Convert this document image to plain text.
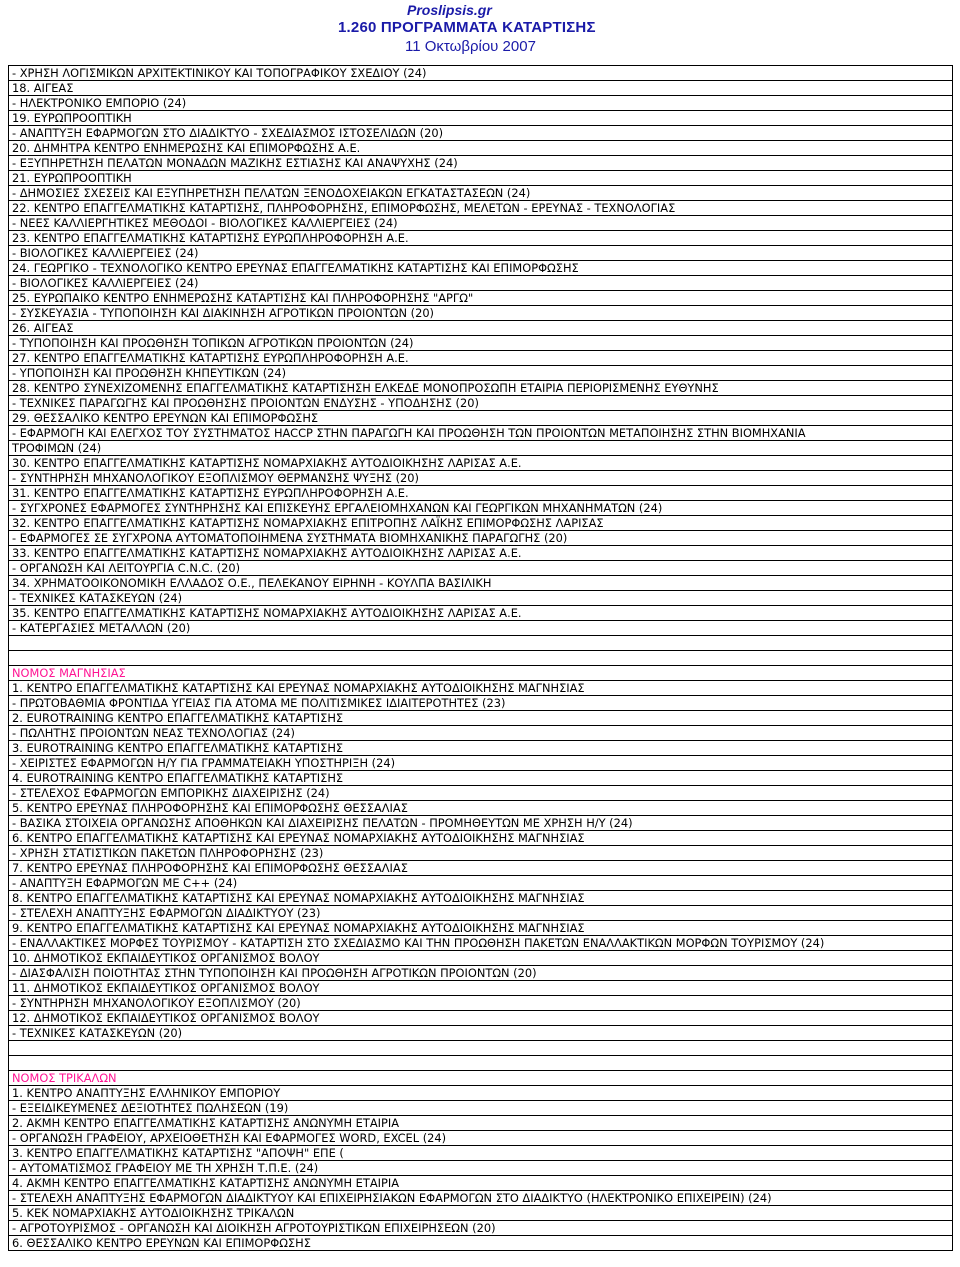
Proslipsis.gr
1.260 ΠΡΟΓΡΑΜΜΑΤΑ ΚΑΤΑΡΤΙΣΗΣ
11 Οκτωβρίου 2007
- ΧΡΗΣΗ ΛΟΓΙΣΜΙΚΩΝ ΑΡΧΙΤΕΚΤΙΝΙΚΟΥ ΚΑΙ ΤΟΠΟΓΡΑΦΙΚΟΥ ΣΧΕΔΙΟΥ (24)
18. ΑΙΓΕΑΣ
- ΗΛΕΚΤΡΟΝΙΚΟ ΕΜΠΟΡΙΟ (24)
19. ΕΥΡΩΠΡΟΟΠΤΙΚΗ
- ΑΝΑΠΤΥΞΗ ΕΦΑΡΜΟΓΩΝ ΣΤΟ ΔΙΑΔΙΚΤΥΟ - ΣΧΕΔΙΑΣΜΟΣ ΙΣΤΟΣΕΛΙΔΩΝ (20)
20. ΔΗΜΗΤΡΑ ΚΕΝΤΡΟ ΕΝΗΜΕΡΩΣΗΣ ΚΑΙ ΕΠΙΜΟΡΦΩΣΗΣ Α.Ε.
- ΕΞΥΠΗΡΕΤΗΣΗ ΠΕΛΑΤΩΝ ΜΟΝΑΔΩΝ ΜΑΖΙΚΗΣ ΕΣΤΙΑΣΗΣ ΚΑΙ ΑΝΑΨΥΧΗΣ (24)
21. ΕΥΡΩΠΡΟΟΠΤΙΚΗ
- ΔΗΜΟΣΙΕΣ ΣΧΕΣΕΙΣ ΚΑΙ ΕΞΥΠΗΡΕΤΗΣΗ ΠΕΛΑΤΩΝ ΞΕΝΟΔΟΧΕΙΑΚΩΝ ΕΓΚΑΤΑΣΤΑΣΕΩΝ (24)
22. ΚΕΝΤΡΟ ΕΠΑΓΓΕΛΜΑΤΙΚΗΣ ΚΑΤΑΡΤΙΣΗΣ, ΠΛΗΡΟΦΟΡΗΣΗΣ, ΕΠΙΜΟΡΦΩΣΗΣ, ΜΕΛΕΤΩΝ - ΕΡΕΥΝΑΣ - ΤΕΧΝΟΛΟΓΙΑΣ
- ΝΕΕΣ ΚΑΛΛΙΕΡΓΗΤΙΚΕΣ ΜΕΘΟΔΟΙ - ΒΙΟΛΟΓΙΚΕΣ ΚΑΛΛΙΕΡΓΕΙΕΣ (24)
23. ΚΕΝΤΡΟ ΕΠΑΓΓΕΛΜΑΤΙΚΗΣ ΚΑΤΑΡΤΙΣΗΣ ΕΥΡΩΠΛΗΡΟΦΟΡΗΣΗ Α.Ε.
- ΒΙΟΛΟΓΙΚΕΣ ΚΑΛΛΙΕΡΓΕΙΕΣ (24)
24. ΓΕΩΡΓΙΚΟ - ΤΕΧΝΟΛΟΓΙΚΟ ΚΕΝΤΡΟ ΕΡΕΥΝΑΣ ΕΠΑΓΓΕΛΜΑΤΙΚΗΣ ΚΑΤΑΡΤΙΣΗΣ ΚΑΙ ΕΠΙΜΟΡΦΩΣΗΣ
- ΒΙΟΛΟΓΙΚΕΣ ΚΑΛΛΙΕΡΓΕΙΕΣ (24)
25. ΕΥΡΩΠΑΙΚΟ ΚΕΝΤΡΟ ΕΝΗΜΕΡΩΣΗΣ ΚΑΤΑΡΤΙΣΗΣ ΚΑΙ ΠΛΗΡΟΦΟΡΗΣΗΣ "ΑΡΓΩ"
- ΣΥΣΚΕΥΑΣΙΑ - ΤΥΠΟΠΟΙΗΣΗ ΚΑΙ ΔΙΑΚΙΝΗΣΗ ΑΓΡΟΤΙΚΩΝ ΠΡΟΙΟΝΤΩΝ (20)
26. ΑΙΓΕΑΣ
- ΤΥΠΟΠΟΙΗΣΗ ΚΑΙ ΠΡΟΩΘΗΣΗ ΤΟΠΙΚΩΝ ΑΓΡΟΤΙΚΩΝ ΠΡΟΙΟΝΤΩΝ (24)
27. ΚΕΝΤΡΟ ΕΠΑΓΓΕΛΜΑΤΙΚΗΣ ΚΑΤΑΡΤΙΣΗΣ ΕΥΡΩΠΛΗΡΟΦΟΡΗΣΗ Α.Ε.
- ΥΠΟΠΟΙΗΣΗ ΚΑΙ ΠΡΟΩΘΗΣΗ ΚΗΠΕΥΤΙΚΩΝ (24)
28. ΚΕΝΤΡΟ ΣΥΝΕΧΙΖΟΜΕΝΗΣ ΕΠΑΓΓΕΛΜΑΤΙΚΗΣ ΚΑΤΑΡΤΙΣΗΣΗ ΕΛΚΕΔΕ ΜΟΝΟΠΡΟΣΩΠΗ ΕΤΑΙΡΙΑ ΠΕΡΙΟΡΙΣΜΕΝΗΣ ΕΥΘΥΝΗΣ
- ΤΕΧΝΙΚΕΣ ΠΑΡΑΓΩΓΗΣ ΚΑΙ ΠΡΟΩΘΗΣΗΣ ΠΡΟΙΟΝΤΩΝ ΕΝΔΥΣΗΣ - ΥΠΟΔΗΣΗΣ (20)
29. ΘΕΣΣΑΛΙΚΟ ΚΕΝΤΡΟ ΕΡΕΥΝΩΝ ΚΑΙ ΕΠΙΜΟΡΦΩΣΗΣ
- ΕΦΑΡΜΟΓΗ ΚΑΙ ΕΛΕΓΧΟΣ ΤΟΥ ΣΥΣΤΗΜΑΤΟΣ HACCP ΣΤΗΝ ΠΑΡΑΓΩΓΗ ΚΑΙ ΠΡΟΩΘΗΣΗ ΤΩΝ ΠΡΟΙΟΝΤΩΝ ΜΕΤΑΠΟΙΗΣΗΣ ΣΤΗΝ ΒΙΟΜΗΧΑΝΙΑ
ΤΡΟΦΙΜΩΝ (24)
30. ΚΕΝΤΡΟ ΕΠΑΓΓΕΛΜΑΤΙΚΗΣ ΚΑΤΑΡΤΙΣΗΣ ΝΟΜΑΡΧΙΑΚΗΣ ΑΥΤΟΔΙΟΙΚΗΣΗΣ ΛΑΡΙΣΑΣ Α.Ε.
- ΣΥΝΤΗΡΗΣΗ ΜΗΧΑΝΟΛΟΓΙΚΟΥ ΕΞΟΠΛΙΣΜΟΥ ΘΕΡΜΑΝΣΗΣ ΨΥΞΗΣ (20)
31. ΚΕΝΤΡΟ ΕΠΑΓΓΕΛΜΑΤΙΚΗΣ ΚΑΤΑΡΤΙΣΗΣ ΕΥΡΩΠΛΗΡΟΦΟΡΗΣΗ Α.Ε.
- ΣΥΓΧΡΟΝΕΣ ΕΦΑΡΜΟΓΕΣ ΣΥΝΤΗΡΗΣΗΣ ΚΑΙ ΕΠΙΣΚΕΥΗΣ ΕΡΓΑΛΕΙΟΜΗΧΑΝΩΝ ΚΑΙ ΓΕΩΡΓΙΚΩΝ ΜΗΧΑΝΗΜΑΤΩΝ (24)
32. ΚΕΝΤΡΟ ΕΠΑΓΓΕΛΜΑΤΙΚΗΣ ΚΑΤΑΡΤΙΣΗΣ ΝΟΜΑΡΧΙΑΚΗΣ ΕΠΙΤΡΟΠΗΣ ΛΑΪΚΗΣ ΕΠΙΜΟΡΦΩΣΗΣ ΛΑΡΙΣΑΣ
- ΕΦΑΡΜΟΓΕΣ ΣΕ ΣΥΓΧΡΟΝΑ ΑΥΤΟΜΑΤΟΠΟΙΗΜΕΝΑ ΣΥΣΤΗΜΑΤΑ ΒΙΟΜΗΧΑΝΙΚΗΣ ΠΑΡΑΓΩΓΗΣ (20)
33. ΚΕΝΤΡΟ ΕΠΑΓΓΕΛΜΑΤΙΚΗΣ ΚΑΤΑΡΤΙΣΗΣ ΝΟΜΑΡΧΙΑΚΗΣ ΑΥΤΟΔΙΟΙΚΗΣΗΣ ΛΑΡΙΣΑΣ Α.Ε.
- ΟΡΓΑΝΩΣΗ ΚΑΙ ΛΕΙΤΟΥΡΓΙΑ C.N.C. (20)
34. ΧΡΗΜΑΤΟΟΙΚΟΝΟΜΙΚΗ ΕΛΛΑΔΟΣ Ο.Ε., ΠΕΛΕΚΑΝΟΥ ΕΙΡΗΝΗ - ΚΟΥΛΠΑ ΒΑΣΙΛΙΚΗ
- ΤΕΧΝΙΚΕΣ ΚΑΤΑΣΚΕΥΩΝ (24)
35. ΚΕΝΤΡΟ ΕΠΑΓΓΕΛΜΑΤΙΚΗΣ ΚΑΤΑΡΤΙΣΗΣ ΝΟΜΑΡΧΙΑΚΗΣ ΑΥΤΟΔΙΟΙΚΗΣΗΣ ΛΑΡΙΣΑΣ Α.Ε.
- ΚΑΤΕΡΓΑΣΙΕΣ ΜΕΤΑΛΛΩΝ (20)
ΝΟΜΟΣ ΜΑΓΝΗΣΙΑΣ
1. ΚΕΝΤΡΟ ΕΠΑΓΓΕΛΜΑΤΙΚΗΣ ΚΑΤΑΡΤΙΣΗΣ ΚΑΙ ΕΡΕΥΝΑΣ ΝΟΜΑΡΧΙΑΚΗΣ ΑΥΤΟΔΙΟΙΚΗΣΗΣ ΜΑΓΝΗΣΙΑΣ
- ΠΡΩΤΟΒΑΘΜΙΑ ΦΡΟΝΤΙΔΑ ΥΓΕΙΑΣ ΓΙΑ ΑΤΟΜΑ ΜΕ ΠΟΛΙΤΙΣΜΙΚΕΣ ΙΔΙΑΙΤΕΡΟΤΗΤΕΣ (23)
2. EUROTRAINING ΚΕΝΤΡΟ ΕΠΑΓΓΕΛΜΑΤΙΚΗΣ ΚΑΤΑΡΤΙΣΗΣ
- ΠΩΛΗΤΗΣ ΠΡΟΙΟΝΤΩΝ ΝΕΑΣ ΤΕΧΝΟΛΟΓΙΑΣ (24)
3. EUROTRAINING ΚΕΝΤΡΟ ΕΠΑΓΓΕΛΜΑΤΙΚΗΣ ΚΑΤΑΡΤΙΣΗΣ
- ΧΕΙΡΙΣΤΕΣ ΕΦΑΡΜΟΓΩΝ Η/Υ ΓΙΑ ΓΡΑΜΜΑΤΕΙΑΚΗ ΥΠΟΣΤΗΡΙΞΗ (24)
4. EUROTRAINING ΚΕΝΤΡΟ ΕΠΑΓΓΕΛΜΑΤΙΚΗΣ ΚΑΤΑΡΤΙΣΗΣ
- ΣΤΕΛΕΧΟΣ ΕΦΑΡΜΟΓΩΝ ΕΜΠΟΡΙΚΗΣ ΔΙΑΧΕΙΡΙΣΗΣ (24)
5. ΚΕΝΤΡΟ ΕΡΕΥΝΑΣ ΠΛΗΡΟΦΟΡΗΣΗΣ ΚΑΙ ΕΠΙΜΟΡΦΩΣΗΣ ΘΕΣΣΑΛΙΑΣ
- ΒΑΣΙΚΑ ΣΤΟΙΧΕΙΑ ΟΡΓΑΝΩΣΗΣ ΑΠΟΘΗΚΩΝ ΚΑΙ ΔΙΑΧΕΙΡΙΣΗΣ ΠΕΛΑΤΩΝ - ΠΡΟΜΗΘΕΥΤΩΝ ΜΕ ΧΡΗΣΗ Η/Υ (24)
6. ΚΕΝΤΡΟ ΕΠΑΓΓΕΛΜΑΤΙΚΗΣ ΚΑΤΑΡΤΙΣΗΣ ΚΑΙ ΕΡΕΥΝΑΣ ΝΟΜΑΡΧΙΑΚΗΣ ΑΥΤΟΔΙΟΙΚΗΣΗΣ ΜΑΓΝΗΣΙΑΣ
- ΧΡΗΣΗ ΣΤΑΤΙΣΤΙΚΩΝ ΠΑΚΕΤΩΝ ΠΛΗΡΟΦΟΡΗΣΗΣ (23)
7. ΚΕΝΤΡΟ ΕΡΕΥΝΑΣ ΠΛΗΡΟΦΟΡΗΣΗΣ ΚΑΙ ΕΠΙΜΟΡΦΩΣΗΣ ΘΕΣΣΑΛΙΑΣ
- ΑΝΑΠΤΥΞΗ ΕΦΑΡΜΟΓΩΝ ΜΕ C++ (24)
8. ΚΕΝΤΡΟ ΕΠΑΓΓΕΛΜΑΤΙΚΗΣ ΚΑΤΑΡΤΙΣΗΣ ΚΑΙ ΕΡΕΥΝΑΣ ΝΟΜΑΡΧΙΑΚΗΣ ΑΥΤΟΔΙΟΙΚΗΣΗΣ ΜΑΓΝΗΣΙΑΣ
- ΣΤΕΛΕΧΗ ΑΝΑΠΤΥΞΗΣ ΕΦΑΡΜΟΓΩΝ ΔΙΑΔΙΚΤΥΟΥ (23)
9. ΚΕΝΤΡΟ ΕΠΑΓΓΕΛΜΑΤΙΚΗΣ ΚΑΤΑΡΤΙΣΗΣ ΚΑΙ ΕΡΕΥΝΑΣ ΝΟΜΑΡΧΙΑΚΗΣ ΑΥΤΟΔΙΟΙΚΗΣΗΣ ΜΑΓΝΗΣΙΑΣ
- ΕΝΑΛΛΑΚΤΙΚΕΣ ΜΟΡΦΕΣ ΤΟΥΡΙΣΜΟΥ - ΚΑΤΑΡΤΙΣΗ ΣΤΟ ΣΧΕΔΙΑΣΜΟ ΚΑΙ ΤΗΝ ΠΡΟΩΘΗΣΗ ΠΑΚΕΤΩΝ ΕΝΑΛΛΑΚΤΙΚΩΝ ΜΟΡΦΩΝ ΤΟΥΡΙΣΜΟΥ (24)
10. ΔΗΜΟΤΙΚΟΣ ΕΚΠΑΙΔΕΥΤΙΚΟΣ ΟΡΓΑΝΙΣΜΟΣ ΒΟΛΟΥ
- ΔΙΑΣΦΑΛΙΣΗ ΠΟΙΟΤΗΤΑΣ ΣΤΗΝ ΤΥΠΟΠΟΙΗΣΗ ΚΑΙ ΠΡΟΩΘΗΣΗ ΑΓΡΟΤΙΚΩΝ ΠΡΟΙΟΝΤΩΝ (20)
11. ΔΗΜΟΤΙΚΟΣ ΕΚΠΑΙΔΕΥΤΙΚΟΣ ΟΡΓΑΝΙΣΜΟΣ ΒΟΛΟΥ
- ΣΥΝΤΗΡΗΣΗ ΜΗΧΑΝΟΛΟΓΙΚΟΥ ΕΞΟΠΛΙΣΜΟΥ (20)
12. ΔΗΜΟΤΙΚΟΣ ΕΚΠΑΙΔΕΥΤΙΚΟΣ ΟΡΓΑΝΙΣΜΟΣ ΒΟΛΟΥ
- ΤΕΧΝΙΚΕΣ ΚΑΤΑΣΚΕΥΩΝ (20)
ΝΟΜΟΣ ΤΡΙΚΑΛΩΝ
1. ΚΕΝΤΡΟ ΑΝΑΠΤΥΞΗΣ ΕΛΛΗΝΙΚΟΥ ΕΜΠΟΡΙΟΥ
- ΕΞΕΙΔΙΚΕΥΜΕΝΕΣ ΔΕΞΙΟΤΗΤΕΣ ΠΩΛΗΣΕΩΝ (19)
2. ΑΚΜΗ ΚΕΝΤΡΟ ΕΠΑΓΓΕΛΜΑΤΙΚΗΣ ΚΑΤΑΡΤΙΣΗΣ ΑΝΩΝΥΜΗ ΕΤΑΙΡΙΑ
- ΟΡΓΑΝΩΣΗ ΓΡΑΦΕΙΟΥ, ΑΡΧΕΙΟΘΕΤΗΣΗ ΚΑΙ ΕΦΑΡΜΟΓΕΣ WORD, EXCEL (24)
3. ΚΕΝΤΡΟ ΕΠΑΓΓΕΛΜΑΤΙΚΗΣ ΚΑΤΑΡΤΙΣΗΣ "ΑΠΟΨΗ" ΕΠΕ (
- ΑΥΤΟΜΑΤΙΣΜΟΣ ΓΡΑΦΕΙΟΥ ΜΕ ΤΗ ΧΡΗΣΗ Τ.Π.Ε. (24)
4. ΑΚΜΗ ΚΕΝΤΡΟ ΕΠΑΓΓΕΛΜΑΤΙΚΗΣ ΚΑΤΑΡΤΙΣΗΣ ΑΝΩΝΥΜΗ ΕΤΑΙΡΙΑ
- ΣΤΕΛΕΧΗ ΑΝΑΠΤΥΞΗΣ ΕΦΑΡΜΟΓΩΝ ΔΙΑΔΙΚΤΥΟΥ ΚΑΙ ΕΠΙΧΕΙΡΗΣΙΑΚΩΝ ΕΦΑΡΜΟΓΩΝ ΣΤΟ ΔΙΑΔΙΚΤΥΟ (ΗΛΕΚΤΡΟΝΙΚΟ ΕΠΙΧΕΙΡΕΙΝ) (24)
5. ΚΕΚ ΝΟΜΑΡΧΙΑΚΗΣ ΑΥΤΟΔΙΟΙΚΗΣΗΣ ΤΡΙΚΑΛΩΝ
- ΑΓΡΟΤΟΥΡΙΣΜΟΣ - ΟΡΓΑΝΩΣΗ ΚΑΙ ΔΙΟΙΚΗΣΗ ΑΓΡΟΤΟΥΡΙΣΤΙΚΩΝ ΕΠΙΧΕΙΡΗΣΕΩΝ (20)
6. ΘΕΣΣΑΛΙΚΟ ΚΕΝΤΡΟ ΕΡΕΥΝΩΝ ΚΑΙ ΕΠΙΜΟΡΦΩΣΗΣ
